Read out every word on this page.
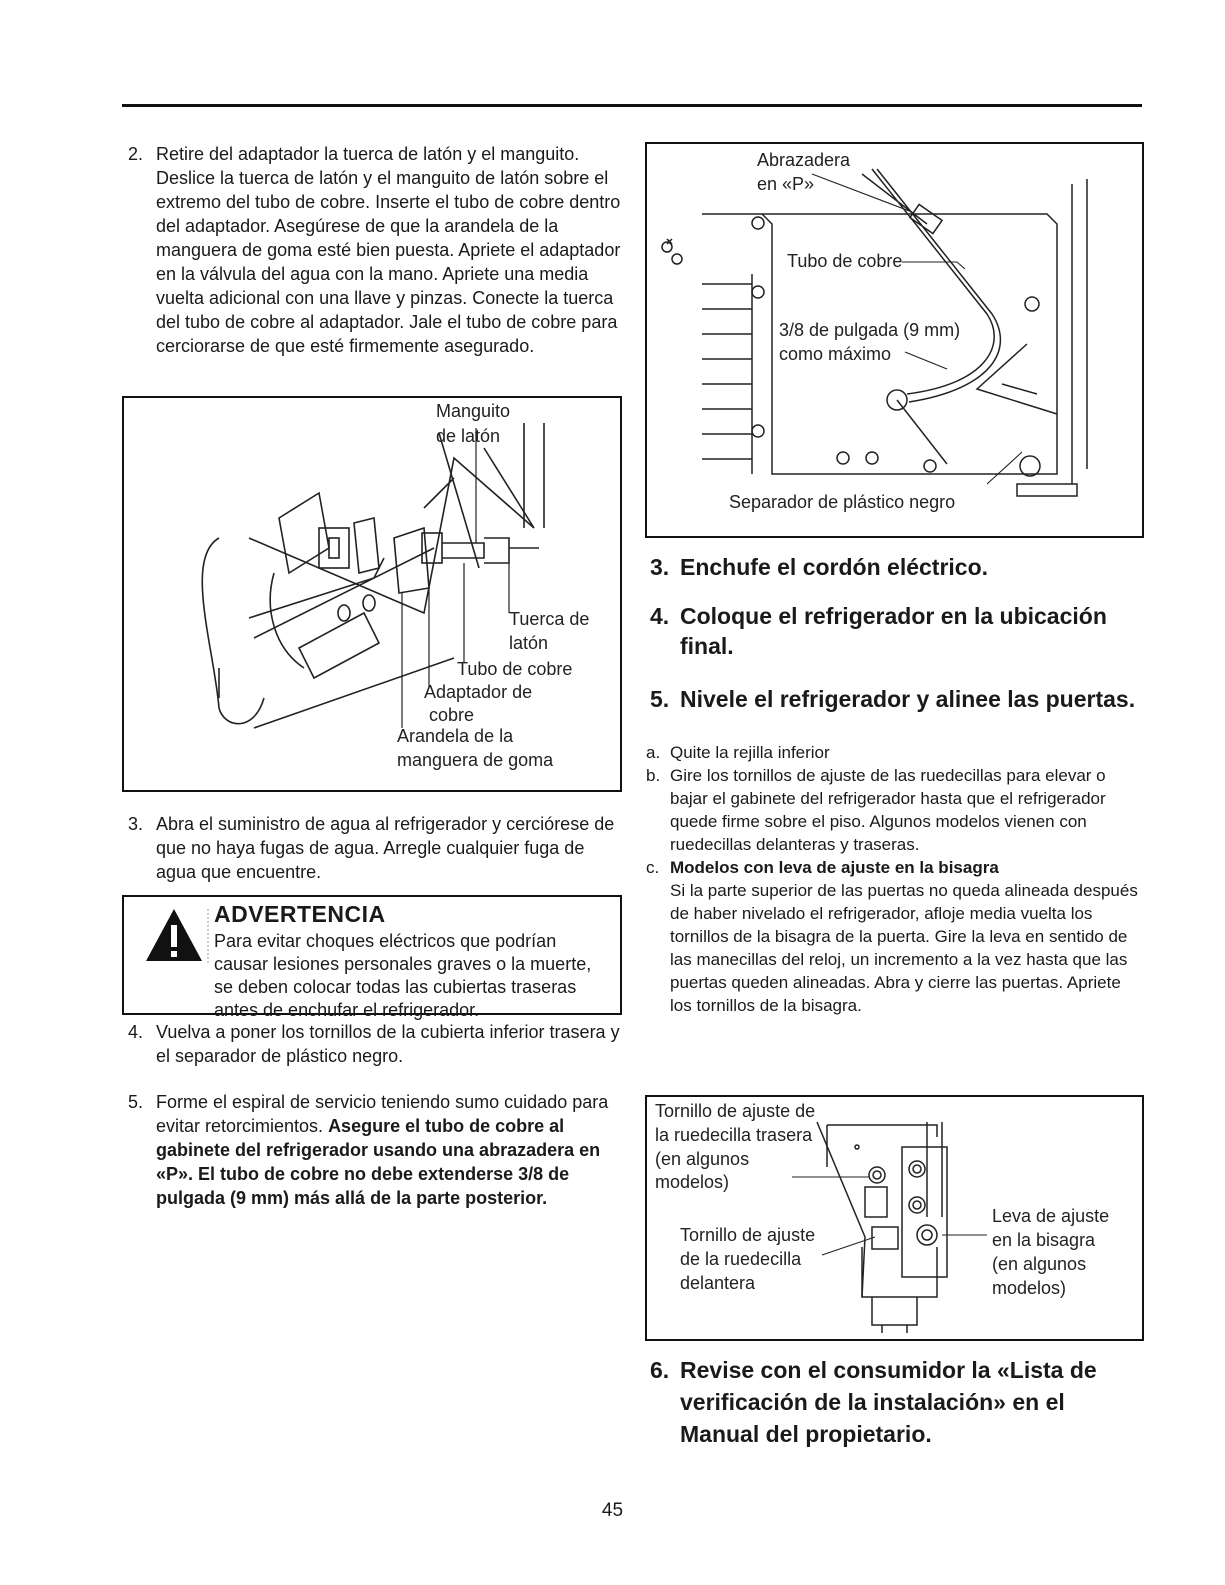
2. Retire del adaptador la tuerca de latón y el manguito. Deslice la tuerca de latón y el manguito de latón sobre el extremo del tubo de cobre. Inserte el tubo de cobre dentro del adaptador. Asegúrese de que la arandela de la manguera de goma esté bien puesta. Apriete el adaptador en la válvula del agua con la mano. Apriete una media vuelta adicional con una llave y pinzas. Conecte la tuerca del tubo de cobre al adaptador. Jale el tubo de cobre para cerciorarse de que esté firmemente asegurado.

Manguito
de latón
Tuerca de
latón
Tubo de cobre
Adaptador de
cobre
Arandela de la
manguera de goma

3. Abra el suministro de agua al refrigerador y cerciórese de que no haya fugas de agua. Arregle cualquier fuga de agua que encuentre.

ADVERTENCIA
Para evitar choques eléctricos que podrían causar lesiones personales graves o la muerte, se deben colocar todas las cubiertas traseras antes de enchufar el refrigerador.

4. Vuelva a poner los tornillos de la cubierta inferior trasera y el separador de plástico negro.

5. Forme el espiral de servicio teniendo sumo cuidado para evitar retorcimientos. Asegure el tubo de cobre al gabinete del refrigerador usando una abrazadera en «P». El tubo de cobre no debe extenderse 3/8 de pulgada (9 mm) más allá de la parte posterior.

Abrazadera
en «P»
Tubo de cobre
3/8 de pulgada (9 mm)
como máximo
Separador de plástico negro
3. Enchufe el cordón eléctrico.
4. Coloque el refrigerador en la ubicación final.
5. Nivele el refrigerador y alinee las puertas.
a. Quite la rejilla inferior
b. Gire los tornillos de ajuste de las ruedecillas para elevar o bajar el gabinete del refrigerador hasta que el refrigerador quede firme sobre el piso. Algunos modelos vienen con ruedecillas delanteras y traseras.
c. Modelos con leva de ajuste en la bisagra
Si la parte superior de las puertas no queda alineada después de haber nivelado el refrigerador, afloje media vuelta los tornillos de la bisagra de la puerta. Gire la leva en sentido de las manecillas del reloj, un incremento a la vez hasta que las puertas queden alineadas. Abra y cierre las puertas. Apriete los tornillos de la bisagra.
Tornillo de ajuste de
la ruedecilla trasera
(en algunos
modelos)
Tornillo de ajuste
de la ruedecilla
delantera
Leva de ajuste
en la bisagra
(en algunos
modelos)
6. Revise con el consumidor la «Lista de verificación de la instalación» en el Manual del propietario.
45
